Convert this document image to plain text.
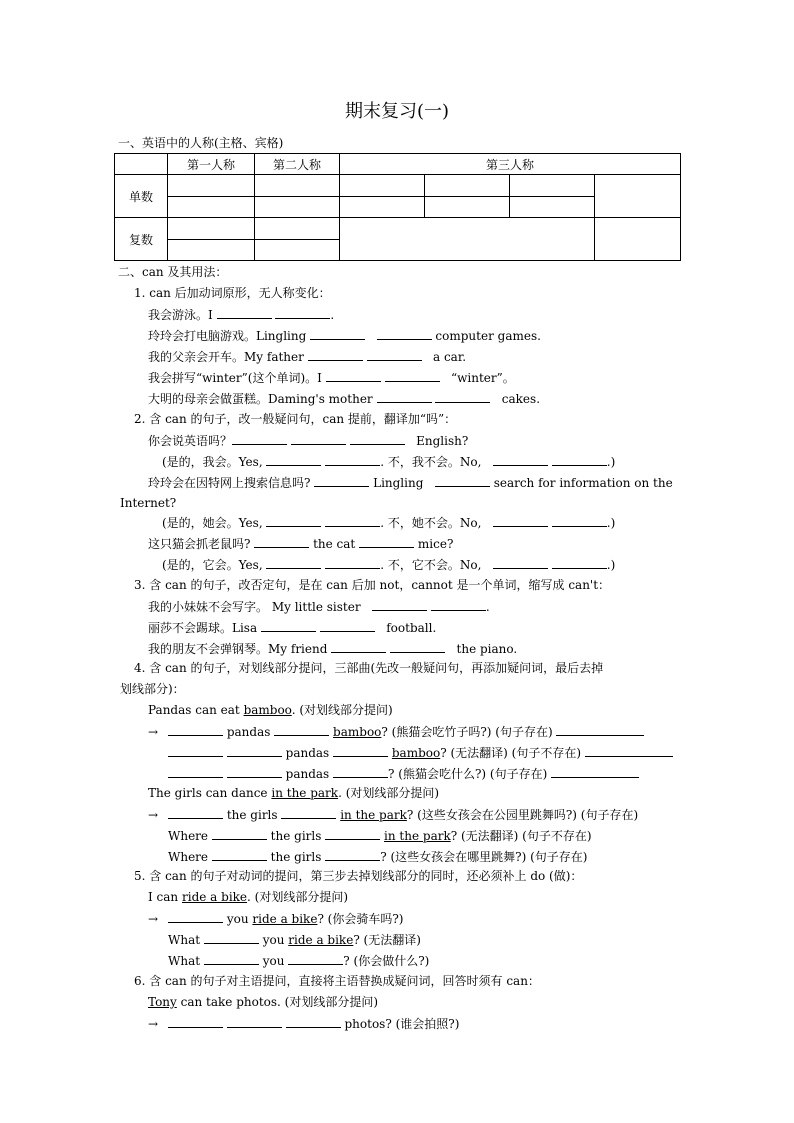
期末复习(一)
一、英语中的人称(主格、宾格)
	第一人称	第二人称	第三人称			
单数	

复数			

二、can 及其用法：
1. can 后加动词原形，无人称变化：
我会游泳。I	.
玲玲会打电脑游戏。Lingling	computer games.
我的父亲会开车。My father	a car.
我会拼写“winter”(这个单词)。I	“winter”。
大明的母亲会做蛋糕。Daming's mother	cakes.
2. 含 can 的句子，改一般疑问句，can 提前，翻译加“吗”：
你会说英语吗？	English?
(是的，我会。Yes,	. 不，我不会。No,	.)
玲玲会在因特网上搜索信息吗?	Lingling	search for information on the
Internet?
(是的，她会。Yes,	. 不，她不会。No,	.)
这只猫会抓老鼠吗?	the cat	mice?
(是的，它会。Yes,	. 不，它不会。No,	.)
3. 含 can 的句子，改否定句，是在 can 后加 not，cannot 是一个单词，缩写成 can't：
我的小妹妹不会写字。 My little sister	.
丽莎不会踢球。Lisa	football.
我的朋友不会弹钢琴。My friend	the piano.
4. 含 can 的句子，对划线部分提问，三部曲(先改一般疑问句，再添加疑问词，最后去掉
划线部分)：
Pandas can eat bamboo. (对划线部分提问)
→	pandas	bamboo? (熊猫会吃竹子吗?) (句子存在)
pandas	bamboo? (无法翻译) (句子不存在)
pandas	? (熊猫会吃什么?) (句子存在)
The girls can dance in the park. (对划线部分提问)
→	the girls	in the park? (这些女孩会在公园里跳舞吗?) (句子存在)
Where	the girls	in the park? (无法翻译) (句子不存在)
Where	the girls	? (这些女孩会在哪里跳舞?) (句子存在)
5. 含 can 的句子对动词的提问，第三步去掉划线部分的同时，还必须补上 do (做)：
I can ride a bike. (对划线部分提问)
→	you ride a bike? (你会骑车吗?)
What	you ride a bike? (无法翻译)
What	you	? (你会做什么?)
6. 含 can 的句子对主语提问，直接将主语替换成疑问词，回答时须有 can：
Tony can take photos. (对划线部分提问)
→	photos? (谁会拍照?)
